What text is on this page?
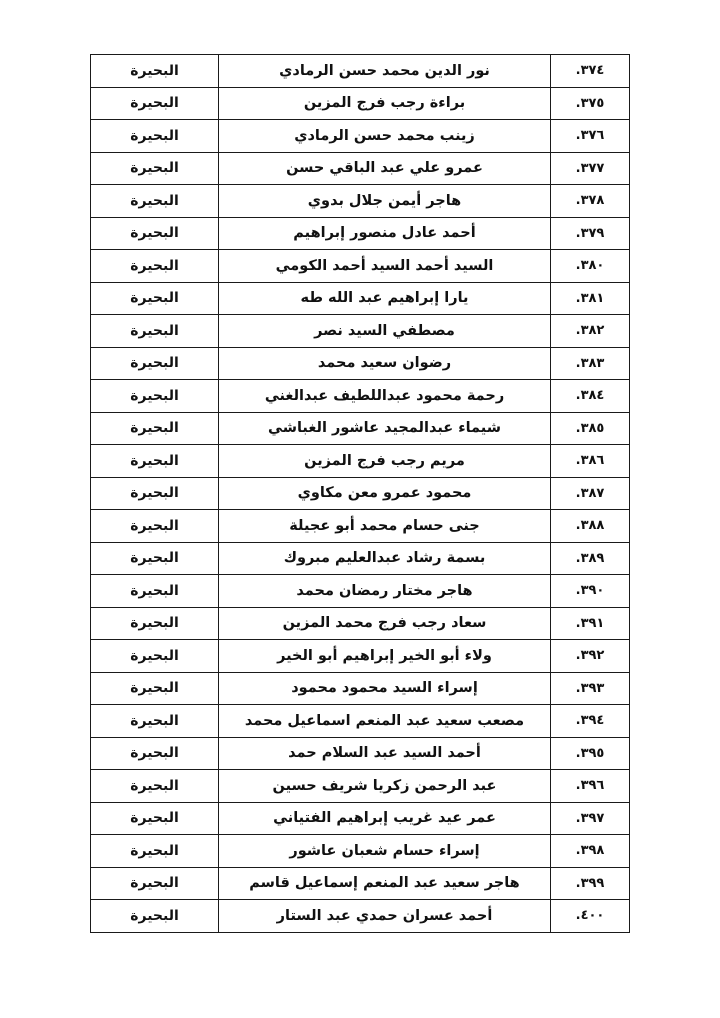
٣٧٤.	نور الدين محمد حسن الرمادي	البحيرة
٣٧٥.	براءة رجب فرج المزين	البحيرة
٣٧٦.	زينب محمد حسن الرمادي	البحيرة
٣٧٧.	عمرو علي عبد الباقي حسن	البحيرة
٣٧٨.	هاجر أيمن جلال بدوي	البحيرة
٣٧٩.	أحمد عادل منصور إبراهيم	البحيرة
٣٨٠.	السيد أحمد السيد أحمد الكومي	البحيرة
٣٨١.	يارا إبراهيم عبد الله طه	البحيرة
٣٨٢.	مصطفي السيد نصر	البحيرة
٣٨٣.	رضوان سعيد محمد	البحيرة
٣٨٤.	رحمة محمود عبداللطيف عبدالغني	البحيرة
٣٨٥.	شيماء عبدالمجيد عاشور الغباشي	البحيرة
٣٨٦.	مريم رجب فرج المزين	البحيرة
٣٨٧.	محمود عمرو معن مكاوي	البحيرة
٣٨٨.	جنى حسام محمد أبو عجيلة	البحيرة
٣٨٩.	بسمة رشاد عبدالعليم مبروك	البحيرة
٣٩٠.	هاجر مختار رمضان محمد	البحيرة
٣٩١.	سعاد رجب فرج محمد المزين	البحيرة
٣٩٢.	ولاء أبو الخير إبراهيم أبو الخير	البحيرة
٣٩٣.	إسراء السيد محمود محمود	البحيرة
٣٩٤.	مصعب سعيد عبد المنعم اسماعيل محمد	البحيرة
٣٩٥.	أحمد السيد عبد السلام حمد	البحيرة
٣٩٦.	عبد الرحمن زكريا شريف حسين	البحيرة
٣٩٧.	عمر عيد غريب إبراهيم الفتياني	البحيرة
٣٩٨.	إسراء حسام شعبان عاشور	البحيرة
٣٩٩.	هاجر سعيد عبد المنعم إسماعيل قاسم	البحيرة
٤٠٠.	أحمد عسران حمدي عبد الستار	البحيرة
